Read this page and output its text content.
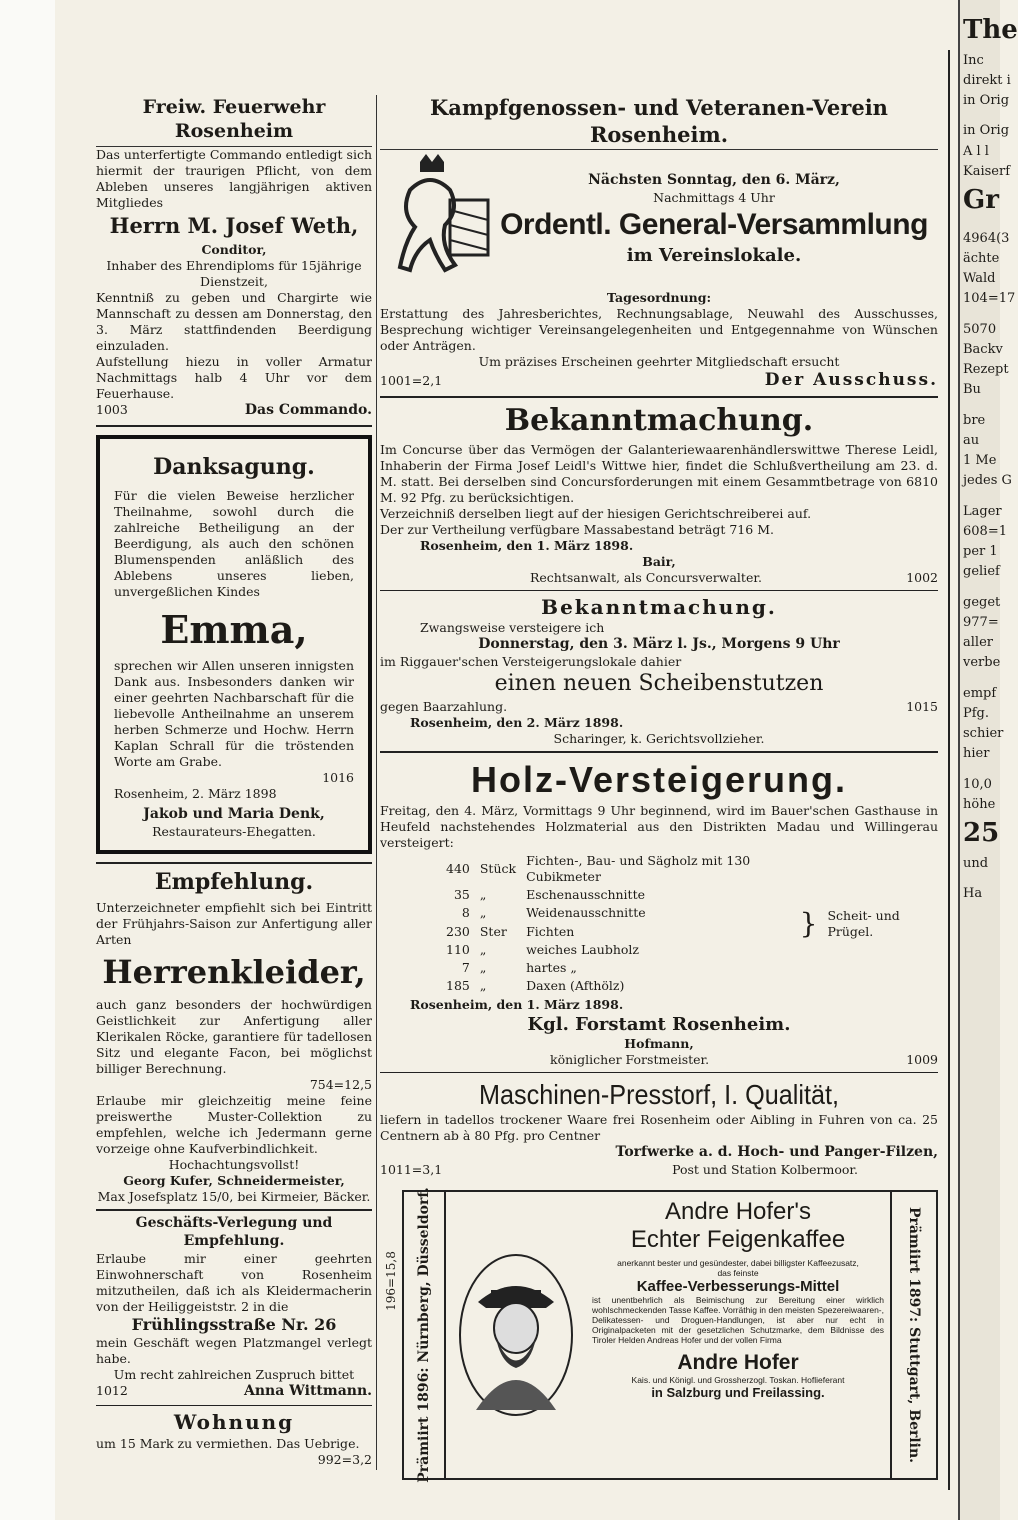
Freiw. Feuerwehr Rosenheim

Das unterfertigte Commando entledigt sich hiermit der traurigen Pflicht, von dem Ableben unseres langjährigen aktiven Mitgliedes

Herrn M. Josef Weth,

Conditor,

Inhaber des Ehrendiploms für 15jährige Dienstzeit,

Kenntniß zu geben und Chargirte wie Mannschaft zu dessen am Donnerstag, den 3. März stattfindenden Beerdigung einzuladen.

Aufstellung hiezu in voller Armatur Nachmittags halb 4 Uhr vor dem Feuerhause.

1003	Das Commando.
Danksagung.

Für die vielen Beweise herzlicher Theilnahme, sowohl durch die zahlreiche Betheiligung an der Beerdigung, als auch den schönen Blumenspenden anläßlich des Ablebens unseres lieben, unvergeßlichen Kindes

Emma,

sprechen wir Allen unseren innigsten Dank aus. Insbesonders danken wir einer geehrten Nachbarschaft für die liebevolle Antheilnahme an unserem herben Schmerze und Hochw. Herrn Kaplan Schrall für die tröstenden Worte am Grabe.

1016

Rosenheim, 2. März 1898

Jakob und Maria Denk,

Restaurateurs-Ehegatten.

Empfehlung.

Unterzeichneter empfiehlt sich bei Eintritt der Frühjahrs-Saison zur Anfertigung aller Arten

Herrenkleider,

auch ganz besonders der hochwürdigen Geistlichkeit zur Anfertigung aller Klerikalen Röcke, garantiere für tadellosen Sitz und elegante Facon, bei möglichst billiger Berechnung.

754=12,5

Erlaube mir gleichzeitig meine feine preiswerthe Muster-Collektion zu empfehlen, welche ich Jedermann gerne vorzeige ohne Kaufverbindlichkeit.

Hochachtungsvollst!

Georg Kufer, Schneidermeister,

Max Josefsplatz 15/0, bei Kirmeier, Bäcker.

Geschäfts-Verlegung und Empfehlung.

Erlaube mir einer geehrten Einwohnerschaft von Rosenheim mitzutheilen, daß ich als Kleidermacherin von der Heiliggeiststr. 2 in die

Frühlingsstraße Nr. 26

mein Geschäft wegen Platzmangel verlegt habe.

Um recht zahlreichen Zuspruch bittet

1012	Anna Wittmann.
Wohnung

um 15 Mark zu vermiethen. Das Uebrige.

992=3,2

Kampfgenossen- und Veteranen-Verein Rosenheim.

Nächsten Sonntag, den 6. März,

Nachmittags 4 Uhr

Ordentl. General-Versammlung

im Vereinslokale.

Tagesordnung:

Erstattung des Jahresberichtes, Rechnungsablage, Neuwahl des Ausschusses, Besprechung wichtiger Vereinsangelegenheiten und Entgegennahme von Wünschen oder Anträgen.

Um präzises Erscheinen geehrter Mitgliedschaft ersucht

1001=2,1	Der Ausschuss.
Bekanntmachung.

Im Concurse über das Vermögen der Galanteriewaarenhändlerswittwe Therese Leidl, Inhaberin der Firma Josef Leidl's Wittwe hier, findet die Schlußvertheilung am 23. d. M. statt. Bei derselben sind Concursforderungen mit einem Gesammtbetrage von 6810 M. 92 Pfg. zu berücksichtigen.

Verzeichniß derselben liegt auf der hiesigen Gerichtschreiberei auf.

Der zur Vertheilung verfügbare Massabestand beträgt 716 M.

Rosenheim, den 1. März 1898.

Bair,

Rechtsanwalt, als Concursverwalter.	1002
Bekanntmachung.

Zwangsweise versteigere ich

Donnerstag, den 3. März l. Js., Morgens 9 Uhr

im Riggauer'schen Versteigerungslokale dahier

einen neuen Scheibenstutzen

gegen Baarzahlung.	1015

Rosenheim, den 2. März 1898.

Scharinger, k. Gerichtsvollzieher.

Holz-Versteigerung.

Freitag, den 4. März, Vormittags 9 Uhr beginnend, wird im Bauer'schen Gasthause in Heufeld nachstehendes Holzmaterial aus den Distrikten Madau und Willingerau versteigert:

440	Stück	Fichten-, Bau- und Sägholz mit 130 Cubikmeter
35	„	Eschenausschnitte
8	„	Weidenausschnitte
230	Ster	Fichten
110	„	weiches Laubholz
7	„	hartes „
185	„	Daxen (Afthölz)
} Scheit- und Prügel.

Rosenheim, den 1. März 1898.

Kgl. Forstamt Rosenheim.

Hofmann,

königlicher Forstmeister.	1009
Maschinen-Presstorf, I. Qualität,

liefern in tadellos trockener Waare frei Rosenheim oder Aibling in Fuhren von ca. 25 Centnern ab à 80 Pfg. pro Centner

Torfwerke a. d. Hoch- und Panger-Filzen,

1011=3,1	Post und Station Kolbermoor.
196=15,8 Prämiirt 1896: Nürnberg, Düsseldorf.	Andre Hofer's

Echter Feigenkaffee

anerkannt bester und gesündester, dabei billigster Kaffeezusatz,

das feinste

Kaffee-Verbesserungs-Mittel

ist unentbehrlich als Beimischung zur Bereitung einer wirklich wohlschmeckenden Tasse Kaffee. Vorräthig in den meisten Spezereiwaaren-, Delikatessen- und Droguen-Handlungen, ist aber nur echt in Originalpacketen mit der gesetzlichen Schutzmarke, dem Bildnisse des Tiroler Helden Andreas Hofer und der vollen Firma

Andre Hofer

Kais. und Königl. und Grossherzogl. Toskan. Hoflieferant

in Salzburg und Freilassing.	Prämiirt 1897: Stuttgart, Berlin.
The
Inc
direkt i
in Orig
in Orig
A l l
Kaiserf
Gr
4964(3
ächte
Wald
104=17
5070
Backv
Rezept
Bu
bre
au
1 Me
jedes G
Lager
608=1
per 1
gelief
geget
977=
aller
verbe
empf
Pfg.
schier
hier
10,0
höhe
25
und
Ha
